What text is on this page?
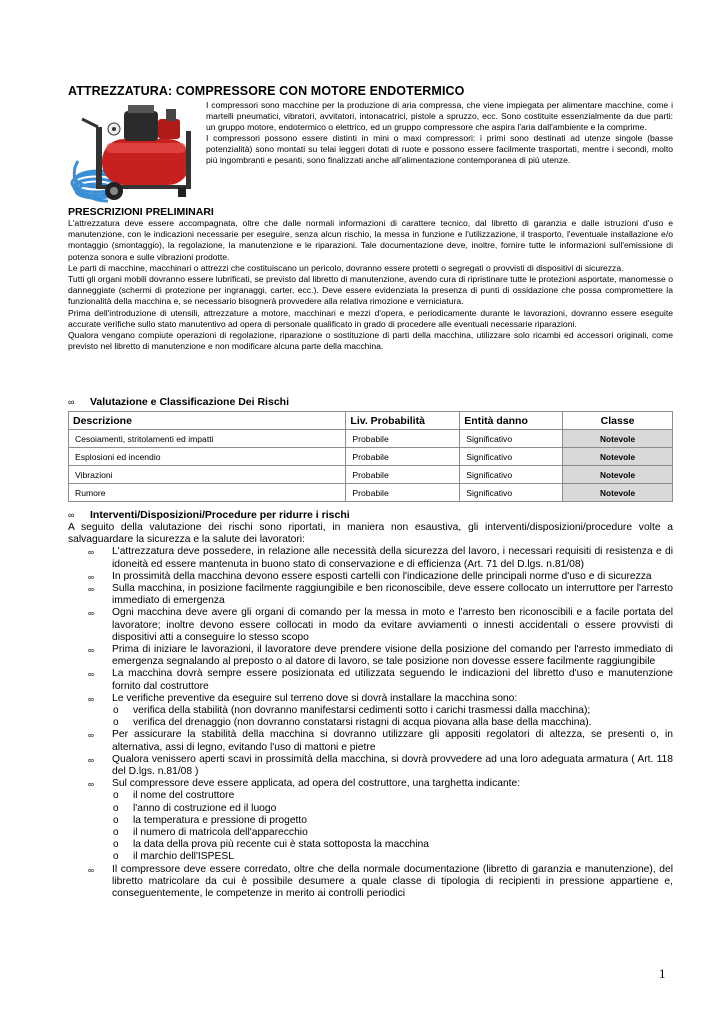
ATTREZZATURA: COMPRESSORE CON MOTORE ENDOTERMICO

I compressori sono macchine per la produzione di aria compressa, che viene impiegata per alimentare macchine, come i martelli pneumatici, vibratori, avvitatori, intonacatrici, pistole a spruzzo, ecc. Sono costituite essenzialmente da due parti: un gruppo motore, endotermico o elettrico, ed un gruppo compressore che aspira l'aria dall'ambiente e la comprime.

I compressori possono essere distinti in mini o maxi compressori: i primi sono destinati ad utenze singole (basse potenzialità) sono montati su telai leggeri dotati di ruote e possono essere facilmente trasportati, mentre i secondi, molto più ingombranti e pesanti, sono finalizzati anche all'alimentazione contemporanea di più utenze.

PRESCRIZIONI PRELIMINARI

L'attrezzatura deve essere accompagnata, oltre che dalle normali informazioni di carattere tecnico, dal libretto di garanzia e dalle istruzioni d'uso e manutenzione, con le indicazioni necessarie per eseguire, senza alcun rischio, la messa in funzione e l'utilizzazione, il trasporto, l'eventuale installazione e/o montaggio (smontaggio), la regolazione, la manutenzione e le riparazioni. Tale documentazione deve, inoltre, fornire tutte le informazioni sull'emissione di potenza sonora e sulle vibrazioni prodotte.

Le parti di macchine, macchinari o attrezzi che costituiscano un pericolo, dovranno essere protetti o segregati o provvisti di dispositivi di sicurezza.

Tutti gli organi mobili dovranno essere lubrificati, se previsto dal libretto di manutenzione, avendo cura di ripristinare tutte le protezioni asportate, manomesse o danneggiate (schermi di protezione per ingranaggi, carter, ecc.). Deve essere evidenziata la presenza di punti di ossidazione che possa compromettere la funzionalità della macchina e, se necessario bisognerà provvedere alla relativa rimozione e verniciatura.

Prima dell'introduzione di utensili, attrezzature a motore, macchinari e mezzi d'opera, e periodicamente durante le lavorazioni, dovranno essere eseguite accurate verifiche sullo stato manutentivo ad opera di personale qualificato in grado di procedere alle eventuali necessarie riparazioni.

Qualora vengano compiute operazioni di regolazione, riparazione o sostituzione di parti della macchina, utilizzare solo ricambi ed accessori originali, come previsto nel libretto di manutenzione e non modificare alcuna parte della macchina.

∞ Valutazione e Classificazione Dei Rischi
Descrizione	Liv. Probabilità	Entità danno	Classe
Cesoiamenti, stritolamenti ed impatti	Probabile	Significativo	Notevole
Esplosioni ed incendio	Probabile	Significativo	Notevole
Vibrazioni	Probabile	Significativo	Notevole
Rumore	Probabile	Significativo	Notevole
∞ Interventi/Disposizioni/Procedure per ridurre i rischi

A seguito della valutazione dei rischi sono riportati, in maniera non esaustiva, gli interventi/disposizioni/procedure volte a salvaguardare la sicurezza e la salute dei lavoratori:

∞ L'attrezzatura deve possedere, in relazione alle necessità della sicurezza del lavoro, i necessari requisiti di resistenza e di idoneità ed essere mantenuta in buono stato di conservazione e di efficienza (Art. 71 del D.lgs. n.81/08)
∞ In prossimità della macchina devono essere esposti cartelli con l'indicazione delle principali norme d'uso e di sicurezza
∞ Sulla macchina, in posizione facilmente raggiungibile e ben riconoscibile, deve essere collocato un interruttore per l'arresto immediato di emergenza
∞ Ogni macchina deve avere gli organi di comando per la messa in moto e l'arresto ben riconoscibili e a facile portata del lavoratore; inoltre devono essere collocati in modo da evitare avviamenti o innesti accidentali o essere provvisti di dispositivi atti a conseguire lo stesso scopo
∞ Prima di iniziare le lavorazioni, il lavoratore deve prendere visione della posizione del comando per l'arresto immediato di emergenza segnalando al preposto o al datore di lavoro, se tale posizione non dovesse essere facilmente raggiungibile
∞ La macchina dovrà sempre essere posizionata ed utilizzata seguendo le indicazioni del libretto d'uso e manutenzione fornito dal costruttore
∞ Le verifiche preventive da eseguire sul terreno dove si dovrà installare la macchina sono:
o verifica della stabilità (non dovranno manifestarsi cedimenti sotto i carichi trasmessi dalla macchina);
o verifica del drenaggio (non dovranno constatarsi ristagni di acqua piovana alla base della macchina).
∞ Per assicurare la stabilità della macchina si dovranno utilizzare gli appositi regolatori di altezza, se presenti o, in alternativa, assi di legno, evitando l'uso di mattoni e pietre
∞ Qualora venissero aperti scavi in prossimità della macchina, si dovrà provvedere ad una loro adeguata armatura ( Art. 118 del D.lgs. n.81/08 )
∞ Sul compressore deve essere applicata, ad opera del costruttore, una targhetta indicante:
o il nome del costruttore
o l'anno di costruzione ed il luogo
o la temperatura e pressione di progetto
o il numero di matricola dell'apparecchio
o la data della prova più recente cui è stata sottoposta la macchina
o il marchio dell'ISPESL
∞ Il compressore deve essere corredato, oltre che della normale documentazione (libretto di garanzia e manutenzione), del libretto matricolare da cui è possibile desumere a quale classe di tipologia di recipienti in pressione appartiene e, conseguentemente, le competenze in merito ai controlli periodici
1
